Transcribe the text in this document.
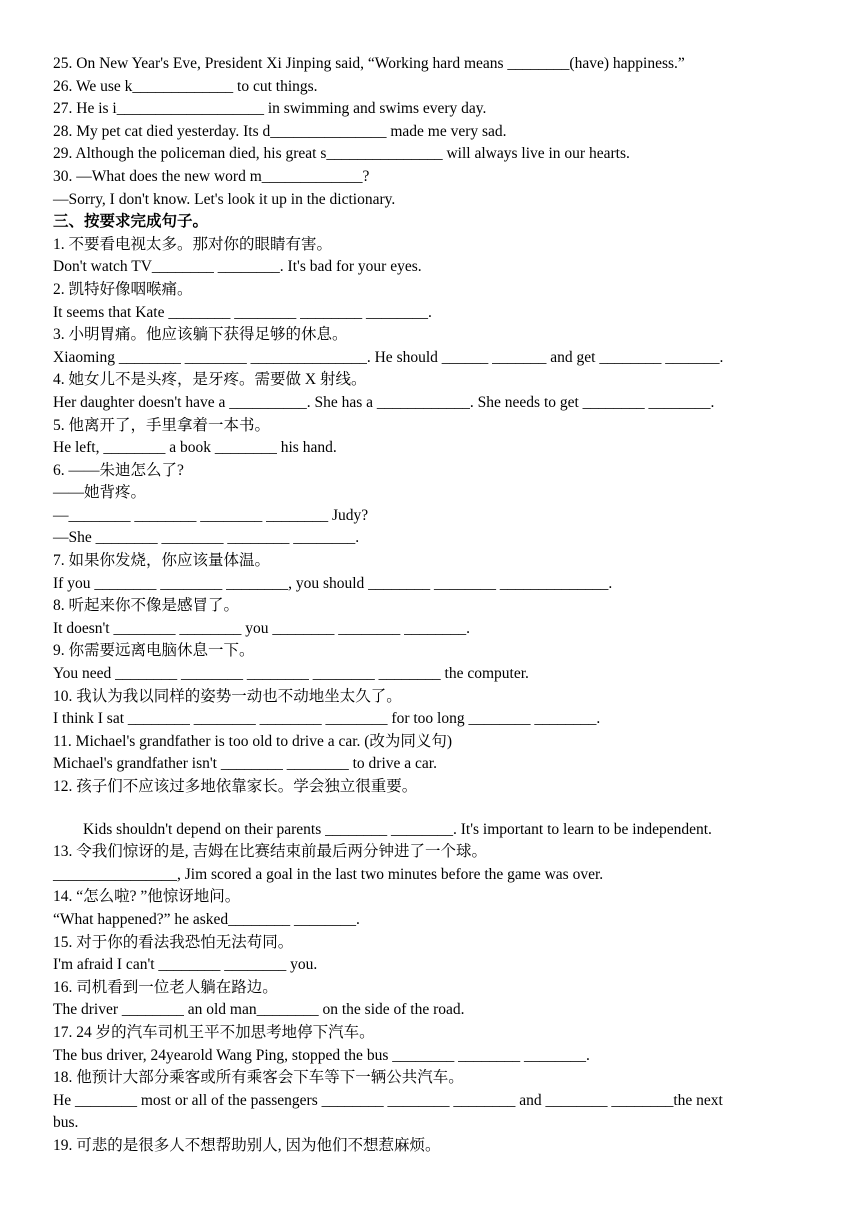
25. On New Year's Eve, President Xi Jinping said, “Working hard means ________(have) happiness.”
26. We use k_____________ to cut things.
27. He is i___________________ in swimming and swims every day.
28. My pet cat died yesterday. Its d_______________ made me very sad.
29. Although the policeman died, his great s_______________ will always live in our hearts.
30. —What does the new word m_____________?
—Sorry, I don't know. Let's look it up in the dictionary.
三、按要求完成句子。
1. 不要看电视太多。那对你的眼睛有害。
Don't watch TV________ ________. It's bad for your eyes.
2. 凯特好像咽喉痛。
It seems that Kate ________ ________ ________ ________.
3. 小明胃痛。他应该躺下获得足够的休息。
Xiaoming ________ ________ _______________. He should ______ _______ and get ________ _______.
4. 她女儿不是头疼，是牙疼。需要做 X 射线。
Her daughter doesn't have a __________. She has a ____________. She needs to get ________ ________.
5. 他离开了，手里拿着一本书。
He left, ________ a book ________ his hand.
6. ——朱迪怎么了?
——她背疼。
—________ ________ ________ ________ Judy?
—She ________ ________ ________ ________.
7. 如果你发烧，你应该量体温。
If you ________ ________ ________, you should ________ ________ ______________.
8. 听起来你不像是感冒了。
It doesn't ________ ________ you ________ ________ ________.
9. 你需要远离电脑休息一下。
You need ________ ________ ________ ________ ________ the computer.
10. 我认为我以同样的姿势一动也不动地坐太久了。
I think I sat ________ ________ ________ ________ for too long ________ ________.
11. Michael's grandfather is too old to drive a car. (改为同义句)
Michael's grandfather isn't ________ ________ to drive a car.
12. 孩子们不应该过多地依靠家长。学会独立很重要。
Kids shouldn't depend on their parents ________ ________. It's important to learn to be independent.
13. 令我们惊讶的是, 吉姆在比赛结束前最后两分钟进了一个球。
________________, Jim scored a goal in the last two minutes before the game was over.
14. “怎么啦? ”他惊讶地问。
“What happened?” he asked________ ________.
15. 对于你的看法我恐怕无法苟同。
I'm afraid I can't ________ ________ you.
16. 司机看到一位老人躺在路边。
The driver ________ an old man________ on the side of the road.
17. 24 岁的汽车司机王平不加思考地停下汽车。
The bus driver, 24yearold Wang Ping, stopped the bus ________ ________ ________.
18. 他预计大部分乘客或所有乘客会下车等下一辆公共汽车。
He ________ most or all of the passengers ________ ________ ________ and ________ ________the next
bus.
19. 可悲的是很多人不想帮助别人, 因为他们不想惹麻烦。
